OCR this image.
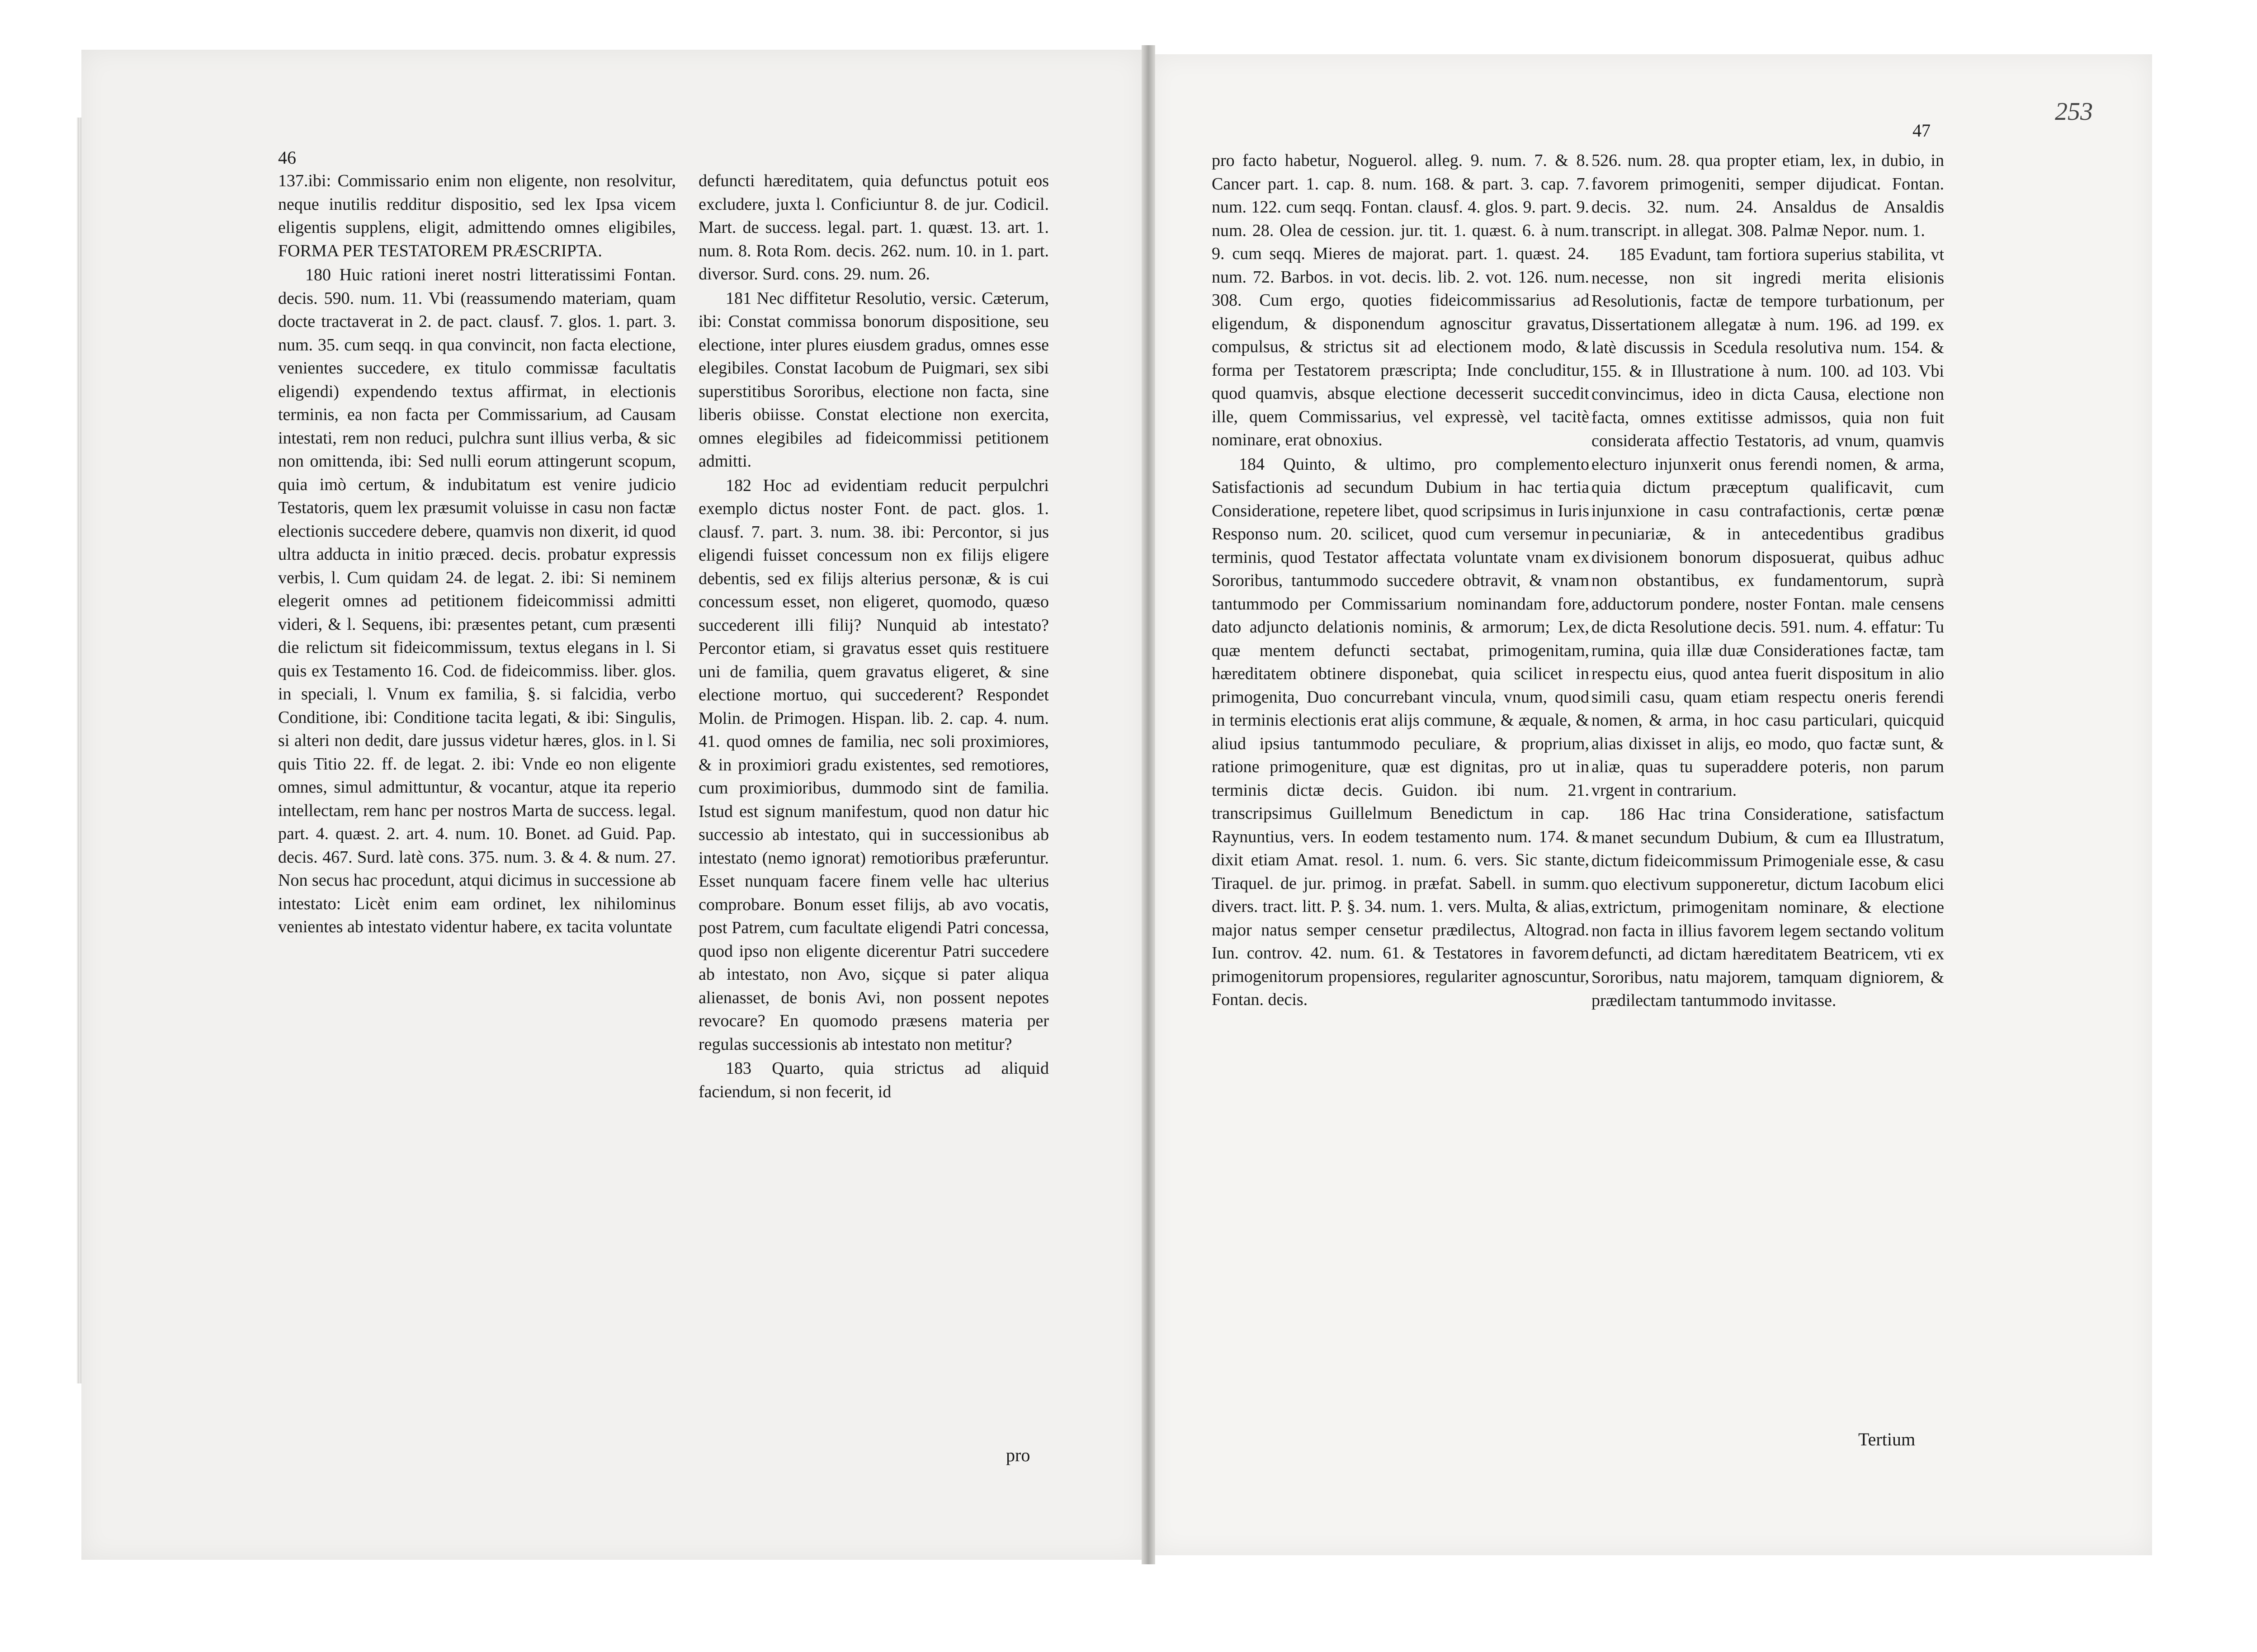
46

137.ibi: Commissario enim non eligente, non resolvitur, neque inutilis redditur dispositio, sed lex Ipsa vicem eligentis supplens, eligit, admittendo omnes eligibiles, FORMA PER TESTATOREM PRÆSCRIPTA.

180 Huic rationi ineret nostri litteratissimi Fontan. decis. 590. num. 11. Vbi (reassumendo materiam, quam docte tractaverat in 2. de pact. clausf. 7. glos. 1. part. 3. num. 35. cum seqq. in qua convincit, non facta electione, venientes succedere, ex titulo commissæ facultatis eligendi) expendendo textus affirmat, in electionis terminis, ea non facta per Commissarium, ad Causam intestati, rem non reduci, pulchra sunt illius verba, & sic non omittenda, ibi: Sed nulli eorum attingerunt scopum, quia imò certum, & indubitatum est venire judicio Testatoris, quem lex præsumit voluisse in casu non factæ electionis succedere debere, quamvis non dixerit, id quod ultra adducta in initio præced. decis. probatur expressis verbis, l. Cum quidam 24. de legat. 2. ibi: Si neminem elegerit omnes ad petitionem fideicommissi admitti videri, & l. Sequens, ibi: præsentes petant, cum præsenti die relictum sit fideicommissum, textus elegans in l. Si quis ex Testamento 16. Cod. de fideicommiss. liber. glos. in speciali, l. Vnum ex familia, §. si falcidia, verbo Conditione, ibi: Conditione tacita legati, & ibi: Singulis, si alteri non dedit, dare jussus videtur hæres, glos. in l. Si quis Titio 22. ff. de legat. 2. ibi: Vnde eo non eligente omnes, simul admittuntur, & vocantur, atque ita reperio intellectam, rem hanc per nostros Marta de success. legal. part. 4. quæst. 2. art. 4. num. 10. Bonet. ad Guid. Pap. decis. 467. Surd. latè cons. 375. num. 3. & 4. & num. 27. Non secus hac procedunt, atqui dicimus in successione ab intestato: Licèt enim eam ordinet, lex nihilominus venientes ab intestato videntur habere, ex tacita voluntate

defuncti hæreditatem, quia defunctus potuit eos excludere, juxta l. Conficiuntur 8. de jur. Codicil. Mart. de success. legal. part. 1. quæst. 13. art. 1. num. 8. Rota Rom. decis. 262. num. 10. in 1. part. diversor. Surd. cons. 29. num. 26.

181 Nec diffitetur Resolutio, versic. Cæterum, ibi: Constat commissa bonorum dispositione, seu electione, inter plures eiusdem gradus, omnes esse elegibiles. Constat Iacobum de Puigmari, sex sibi superstitibus Sororibus, electione non facta, sine liberis obiisse. Constat electione non exercita, omnes elegibiles ad fideicommissi petitionem admitti.

182 Hoc ad evidentiam reducit perpulchri exemplo dictus noster Font. de pact. glos. 1. clausf. 7. part. 3. num. 38. ibi: Percontor, si jus eligendi fuisset concessum non ex filijs eligere debentis, sed ex filijs alterius personæ, & is cui concessum esset, non eligeret, quomodo, quæso succederent illi filij? Nunquid ab intestato? Percontor etiam, si gravatus esset quis restituere uni de familia, quem gravatus eligeret, & sine electione mortuo, qui succederent? Respondet Molin. de Primogen. Hispan. lib. 2. cap. 4. num. 41. quod omnes de familia, nec soli proximiores, & in proximiori gradu existentes, sed remotiores, cum proximioribus, dummodo sint de familia. Istud est signum manifestum, quod non datur hic successio ab intestato, qui in successionibus ab intestato (nemo ignorat) remotioribus præferuntur. Esset nunquam facere finem velle hac ulterius comprobare. Bonum esset filijs, ab avo vocatis, post Patrem, cum facultate eligendi Patri concessa, quod ipso non eligente dicerentur Patri succedere ab intestato, non Avo, siçque si pater aliqua alienasset, de bonis Avi, non possent nepotes revocare? En quomodo præsens materia per regulas successionis ab intestato non metitur?

183 Quarto, quia strictus ad aliquid faciendum, si non fecerit, id

pro
253
47

pro facto habetur, Noguerol. alleg. 9. num. 7. & 8. Cancer part. 1. cap. 8. num. 168. & part. 3. cap. 7. num. 122. cum seqq. Fontan. clausf. 4. glos. 9. part. 9. num. 28. Olea de cession. jur. tit. 1. quæst. 6. à num. 9. cum seqq. Mieres de majorat. part. 1. quæst. 24. num. 72. Barbos. in vot. decis. lib. 2. vot. 126. num. 308. Cum ergo, quoties fideicommissarius ad eligendum, & disponendum agnoscitur gravatus, compulsus, & strictus sit ad electionem modo, & forma per Testatorem præscripta; Inde concluditur, quod quamvis, absque electione decesserit succedit ille, quem Commissarius, vel expressè, vel tacitè nominare, erat obnoxius.

184 Quinto, & ultimo, pro complemento Satisfactionis ad secundum Dubium in hac tertia Consideratione, repetere libet, quod scripsimus in Iuris Responso num. 20. scilicet, quod cum versemur in terminis, quod Testator affectata voluntate vnam ex Sororibus, tantummodo succedere obtravit, & vnam tantummodo per Commissarium nominandam fore, dato adjuncto delationis nominis, & armorum; Lex, quæ mentem defuncti sectabat, primogenitam, hæreditatem obtinere disponebat, quia scilicet in primogenita, Duo concurrebant vincula, vnum, quod in terminis electionis erat alijs commune, & æquale, & aliud ipsius tantummodo peculiare, & proprium, ratione primogeniture, quæ est dignitas, pro ut in terminis dictæ decis. Guidon. ibi num. 21. transcripsimus Guillelmum Benedictum in cap. Raynuntius, vers. In eodem testamento num. 174. & dixit etiam Amat. resol. 1. num. 6. vers. Sic stante, Tiraquel. de jur. primog. in præfat. Sabell. in summ. divers. tract. litt. P. §. 34. num. 1. vers. Multa, & alias, major natus semper censetur prædilectus, Altograd. Iun. controv. 42. num. 61. & Testatores in favorem primogenitorum propensiores, regulariter agnoscuntur, Fontan. decis.

526. num. 28. qua propter etiam, lex, in dubio, in favorem primogeniti, semper dijudicat. Fontan. decis. 32. num. 24. Ansaldus de Ansaldis transcript. in allegat. 308. Palmæ Nepor. num. 1.

185 Evadunt, tam fortiora superius stabilita, vt necesse, non sit ingredi merita elisionis Resolutionis, factæ de tempore turbationum, per Dissertationem allegatæ à num. 196. ad 199. ex latè discussis in Scedula resolutiva num. 154. & 155. & in Illustratione à num. 100. ad 103. Vbi convincimus, ideo in dicta Causa, electione non facta, omnes extitisse admissos, quia non fuit considerata affectio Testatoris, ad vnum, quamvis electuro injunxerit onus ferendi nomen, & arma, quia dictum præceptum qualificavit, cum injunxione in casu contrafactionis, certæ pœnæ pecuniariæ, & in antecedentibus gradibus divisionem bonorum disposuerat, quibus adhuc non obstantibus, ex fundamentorum, suprà adductorum pondere, noster Fontan. male censens de dicta Resolutione decis. 591. num. 4. effatur: Tu rumina, quia illæ duæ Considerationes factæ, tam respectu eius, quod antea fuerit dispositum in alio simili casu, quam etiam respectu oneris ferendi nomen, & arma, in hoc casu particulari, quicquid alias dixisset in alijs, eo modo, quo factæ sunt, & aliæ, quas tu superaddere poteris, non parum vrgent in contrarium.

186 Hac trina Consideratione, satisfactum manet secundum Dubium, & cum ea Illustratum, dictum fideicommissum Primogeniale esse, & casu quo electivum supponeretur, dictum Iacobum elici extrictum, primogenitam nominare, & electione non facta in illius favorem legem sectando volitum defuncti, ad dictam hæreditatem Beatricem, vti ex Sororibus, natu majorem, tamquam digniorem, & prædilectam tantummodo invitasse.

Tertium
